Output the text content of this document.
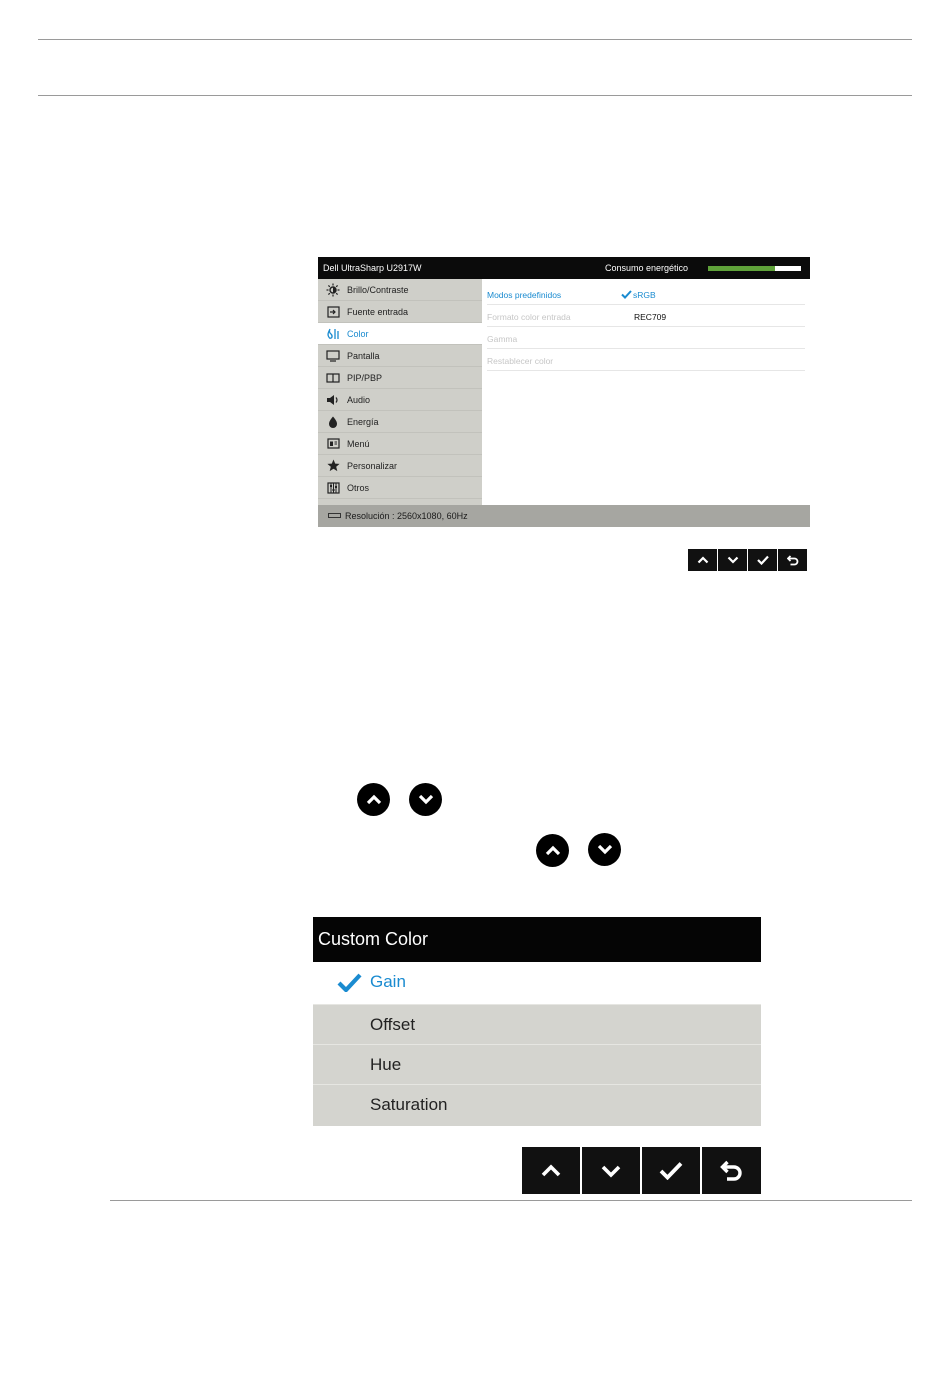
Dell UltraSharp U2917W	Consumo energético
Brillo/Contraste
Fuente entrada
Color
Pantalla
PIP/PBP
Audio
Energía
Menú
Personalizar
Otros
Modos predefinidos	sRGB
Formato color entrada	REC709
Gamma
Restablecer color
Resolución : 2560x1080, 60Hz
Custom Color
Gain
Offset
Hue
Saturation
